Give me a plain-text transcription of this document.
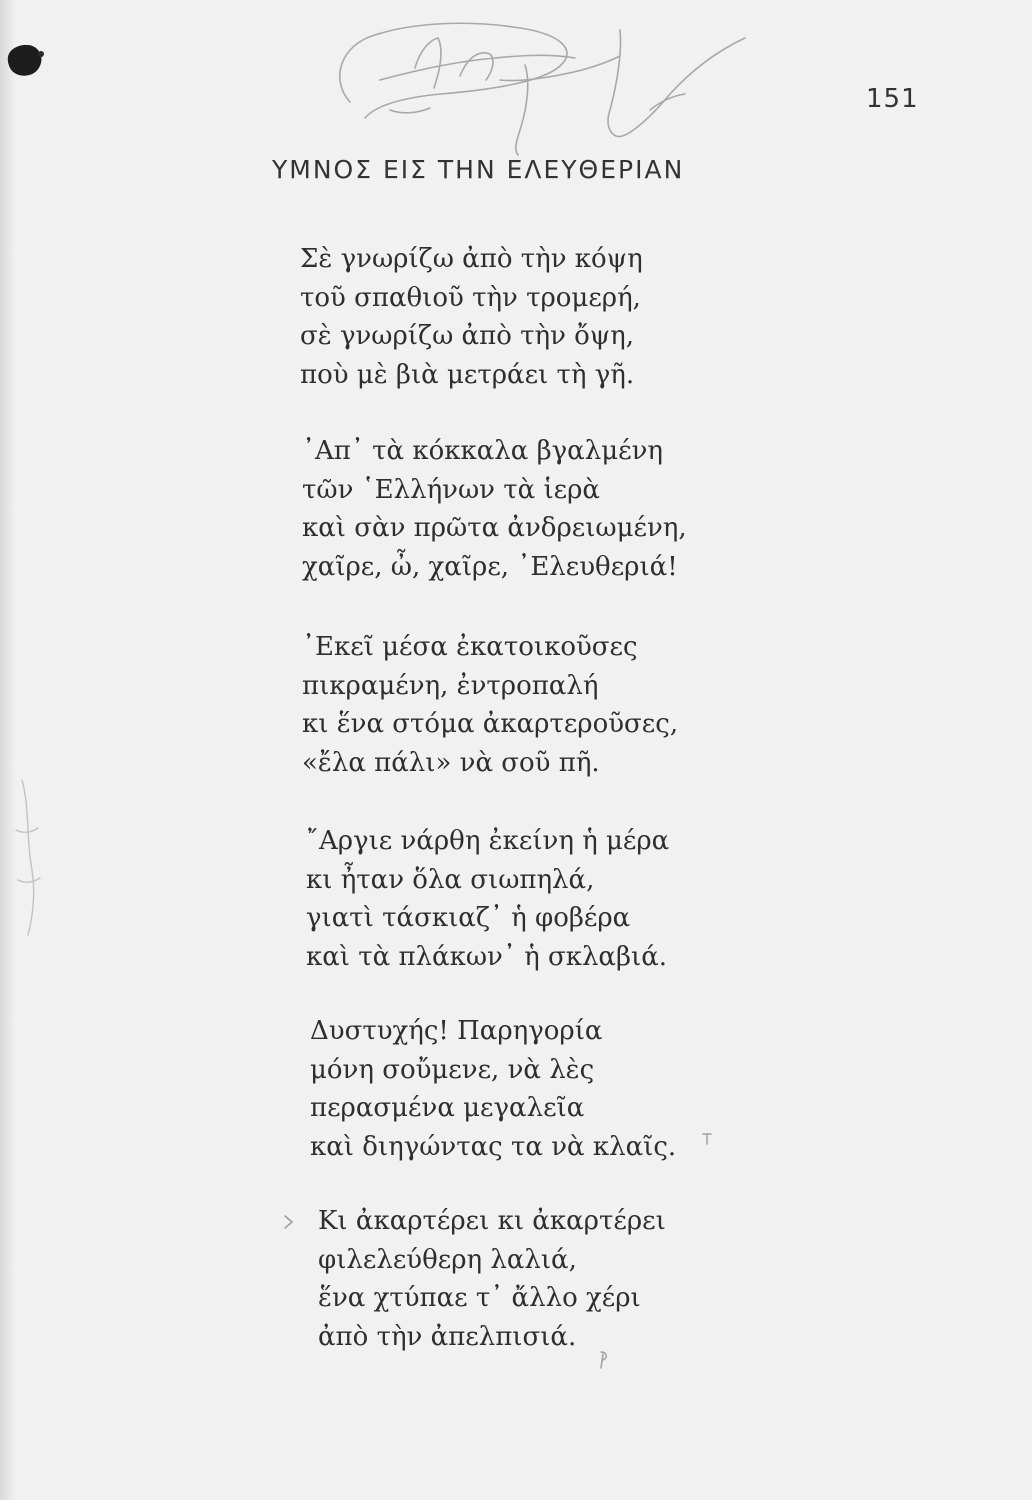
151
ΥΜΝΟΣ ΕΙΣ ΤΗΝ ΕΛΕΥΘΕΡΙΑΝ
Σὲ γνωρίζω ἀπὸ τὴν κόψη
τοῦ σπαθιοῦ τὴν τρομερή,
σὲ γνωρίζω ἀπὸ τὴν ὄψη,
ποὺ μὲ βιὰ μετράει τὴ γῆ.
᾿Απ᾿ τὰ κόκκαλα βγαλμένη
τῶν ῾Ελλήνων τὰ ἱερὰ
καὶ σὰν πρῶτα ἀνδρειωμένη,
χαῖρε, ὦ, χαῖρε, ᾿Ελευθεριά!
᾿Εκεῖ μέσα ἐκατοικοῦσες
πικραμένη, ἐντροπαλή
κι ἕνα στόμα ἀκαρτεροῦσες,
«ἔλα πάλι» νὰ σοῦ πῆ.
῎Αργιε νάρθη ἐκείνη ἡ μέρα
κι ἦταν ὅλα σιωπηλά,
γιατὶ τάσκιαζ᾿ ἡ φοβέρα
καὶ τὰ πλάκων᾿ ἡ σκλαβιά.
Δυστυχής! Παρηγορία
μόνη σοὔμενε, νὰ λὲς
περασμένα μεγαλεῖα
καὶ διηγώντας τα νὰ κλαῖς.
Κι ἀκαρτέρει κι ἀκαρτέρει
φιλελεύθερη λαλιά,
ἕνα χτύπαε τ᾿ ἄλλο χέρι
ἀπὸ τὴν ἀπελπισιά.
